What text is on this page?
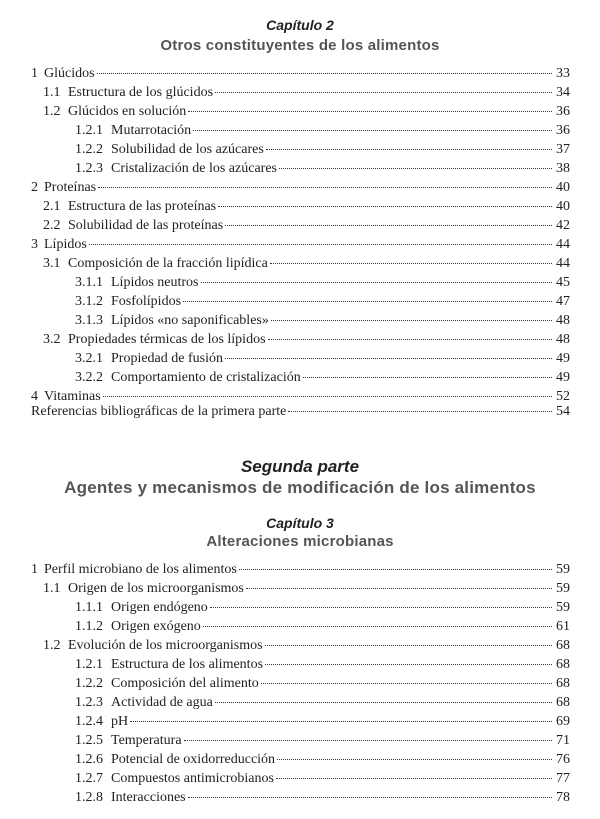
Capítulo 2
Otros constituyentes de los alimentos
1 Glúcidos	33
1.1 Estructura de los glúcidos	34
1.2 Glúcidos en solución	36
1.2.1 Mutarrotación	36
1.2.2 Solubilidad de los azúcares	37
1.2.3 Cristalización de los azúcares	38
2 Proteínas	40
2.1 Estructura de las proteínas	40
2.2 Solubilidad de las proteínas	42
3 Lípidos	44
3.1 Composición de la fracción lipídica	44
3.1.1 Lípidos neutros	45
3.1.2 Fosfolípidos	47
3.1.3 Lípidos «no saponificables»	48
3.2 Propiedades térmicas de los lípidos	48
3.2.1 Propiedad de fusión	49
3.2.2 Comportamiento de cristalización	49
4 Vitaminas	52
Referencias bibliográficas de la primera parte	54
Segunda parte
Agentes y mecanismos de modificación de los alimentos
Capítulo 3
Alteraciones microbianas
1 Perfil microbiano de los alimentos	59
1.1 Origen de los microorganismos	59
1.1.1 Origen endógeno	59
1.1.2 Origen exógeno	61
1.2 Evolución de los microorganismos	68
1.2.1 Estructura de los alimentos	68
1.2.2 Composición del alimento	68
1.2.3 Actividad de agua	68
1.2.4 pH	69
1.2.5 Temperatura	71
1.2.6 Potencial de oxidorreducción	76
1.2.7 Compuestos antimicrobianos	77
1.2.8 Interacciones	78
